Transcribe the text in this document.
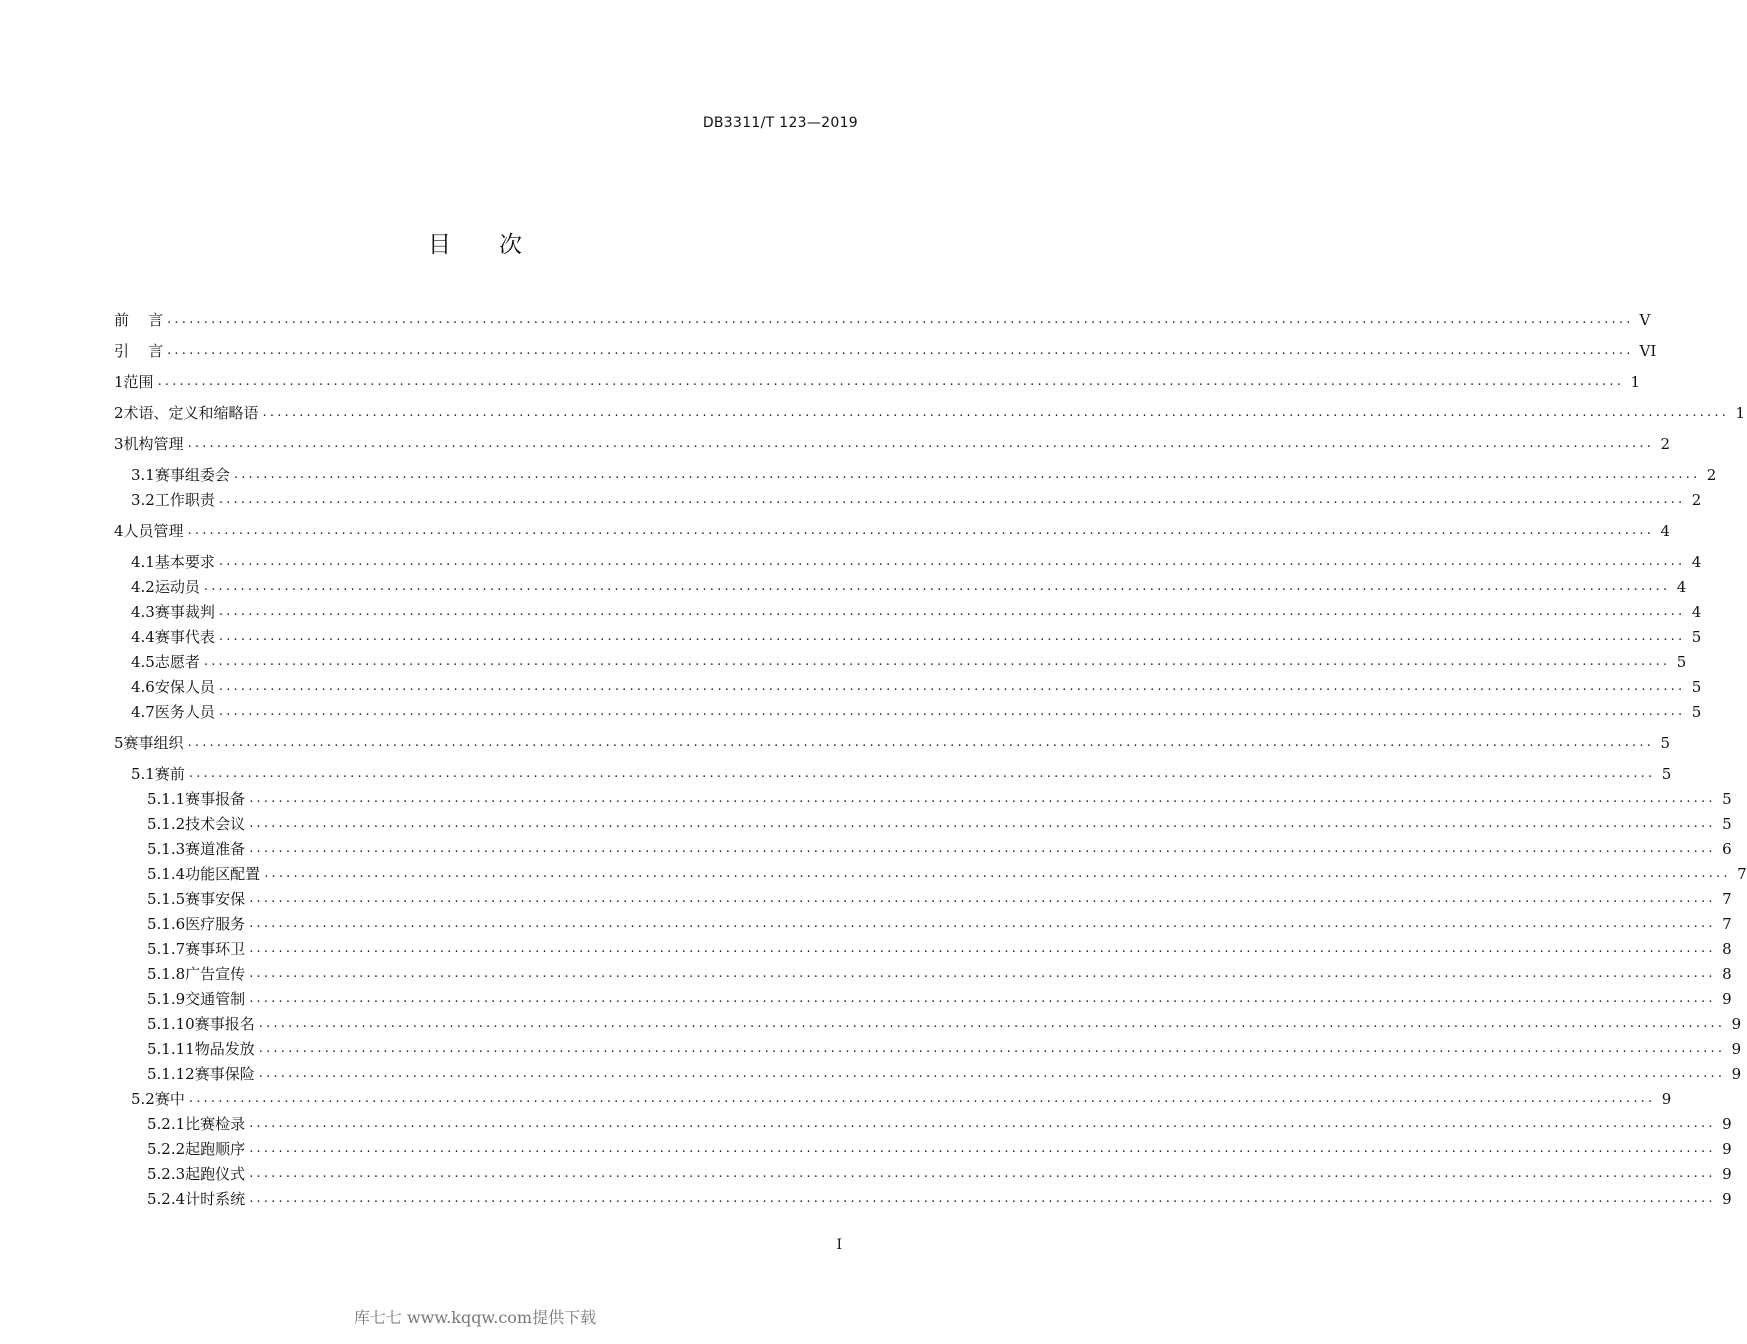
DB3311/T 123—2019
目 次
前    言 ........................................................................................................................................................................................................ V
引    言 ........................................................................................................................................................................................................ VI
1 范围 ........................................................................................................................................................................................................ 1
2 术语、定义和缩略语 ........................................................................................................................................................................................................ 1
3 机构管理 ........................................................................................................................................................................................................ 2
3.1 赛事组委会 ........................................................................................................................................................................................................ 2
3.2 工作职责 ........................................................................................................................................................................................................ 2
4 人员管理 ........................................................................................................................................................................................................ 4
4.1 基本要求 ........................................................................................................................................................................................................ 4
4.2 运动员 ........................................................................................................................................................................................................ 4
4.3 赛事裁判 ........................................................................................................................................................................................................ 4
4.4 赛事代表 ........................................................................................................................................................................................................ 5
4.5 志愿者 ........................................................................................................................................................................................................ 5
4.6 安保人员 ........................................................................................................................................................................................................ 5
4.7 医务人员 ........................................................................................................................................................................................................ 5
5 赛事组织 ........................................................................................................................................................................................................ 5
5.1 赛前 ........................................................................................................................................................................................................ 5
5.1.1 赛事报备 ........................................................................................................................................................................................................ 5
5.1.2 技术会议 ........................................................................................................................................................................................................ 5
5.1.3 赛道准备 ........................................................................................................................................................................................................ 6
5.1.4 功能区配置 ........................................................................................................................................................................................................ 7
5.1.5 赛事安保 ........................................................................................................................................................................................................ 7
5.1.6 医疗服务 ........................................................................................................................................................................................................ 7
5.1.7 赛事环卫 ........................................................................................................................................................................................................ 8
5.1.8 广告宣传 ........................................................................................................................................................................................................ 8
5.1.9 交通管制 ........................................................................................................................................................................................................ 9
5.1.10 赛事报名 ........................................................................................................................................................................................................ 9
5.1.11 物品发放 ........................................................................................................................................................................................................ 9
5.1.12 赛事保险 ........................................................................................................................................................................................................ 9
5.2 赛中 ........................................................................................................................................................................................................ 9
5.2.1 比赛检录 ........................................................................................................................................................................................................ 9
5.2.2 起跑顺序 ........................................................................................................................................................................................................ 9
5.2.3 起跑仪式 ........................................................................................................................................................................................................ 9
5.2.4 计时系统 ........................................................................................................................................................................................................ 9
I
库七七 www.kqqw.com提供下载
